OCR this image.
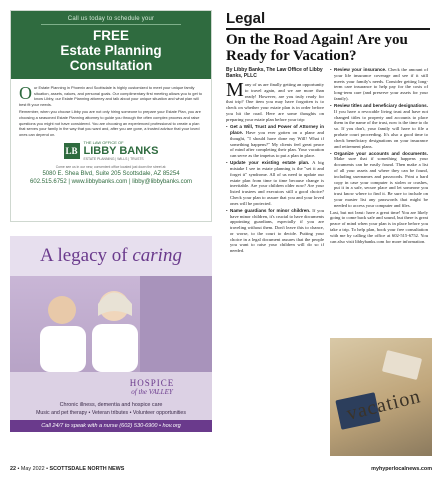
Call us today to schedule your
FREE
Estate Planning
Consultation

Our Estate Planning in Phoenix and Scottsdale is highly customized to meet your unique family situation, assets, values, and personal goals. Our complimentary first meeting allows you to get to know Libby, our Estate Planning attorney and talk about your unique situation and what plan will best fit your needs.

Remember, when you choose Libby you are not only hiring someone to prepare your Estate Plan, you are choosing a seasoned Estate Planning attorney to guide you through the often complex process and raise questions you might not have considered. You are choosing an experienced professional to create a plan that serves your family in the way that you want and, after you are gone, a trusted advisor that your loved ones can depend on.

LB
THE LAW OFFICE OF
LIBBY BANKS
ESTATE PLANNING | WILLS | TRUSTS
Come see us in our new, convenient office located just down the street at:
5080 E. Shea Blvd, Suite 205 Scottsdale, AZ 85254
602.515.6752 | www.libbybanks.com | libby@libbybanks.com
A legacy of caring
HOSPICE
of the VALLEY
Chronic illness, dementia and hospice care
Music and pet therapy • Veteran tributes • Volunteer opportunities
Call 24/7 to speak with a nurse (602) 530-6900 • hov.org
Legal
On the Road Again! Are you Ready for Vacation?
By Libby Banks, The Law Office of Libby Banks, PLLC

Many of us are finally getting an opportunity to travel again, and we are more than ready! However, are you truly ready for that trip? One item you may have forgotten is to check on whether your estate plan is in order before you hit the road. Here are some thoughts on preparing your estate plan before your trip:

• Get a Will, Trust and Power of Attorney in place. Have you ever gotten on a plane and thought, "I should have done my Will! What if something happens?" My clients feel great peace of mind after completing their plan. Your vacation can serve as the impetus to put a plan in place.
• Update your existing estate plan. A big mistake I see in estate planning is the "set it and forget it" syndrome. All of us need to update our estate plan from time to time because change is inevitable. Are your children older now? Are your listed trustees and executors still a good choice? Check your plan to assure that you and your loved ones will be protected.
• Name guardians for minor children. If you have minor children, it's crucial to have documents appointing guardians, especially if you are traveling without them. Don't leave this to chance, or worse, to the court to decide. Putting your choice in a legal document assures that the people you want to raise your children will do so if needed.
• Review your insurance. Check the amount of your life insurance coverage and see if it still meets your family's needs. Consider getting long-term care insurance to help pay for the costs of long-term care (and preserve your assets for your family).
• Review titles and beneficiary designations. If you have a revocable living trust and have not changed titles to property and accounts to place them in the name of the trust, now is the time to do so. If you don't, your family will have to file a probate court proceeding. It's also a good time to check beneficiary designations on your insurance and retirement plans.
• Organize your accounts and documents. Make sure that if something happens your documents can be easily found. Then make a list of all your assets and where they can be found, including usernames and passwords. Print a hard copy in case your computer is stolen or crashes, put it in a safe, secure place and let someone you trust know where to find it. Be sure to include on your master list any passwords that might be needed to access your computer and files.

Last, but not least: have a great time! You are likely going to come back safe and sound, but there is great peace of mind when your plan is in place before you take a trip. To help plan, book your free consultation with me by calling the office at 602-515-6752. You can also visit libbybanks.com for more information.

vacation
22 • May 2022 • SCOTTSDALE NORTH NEWS	myhyperlocalnews.com
